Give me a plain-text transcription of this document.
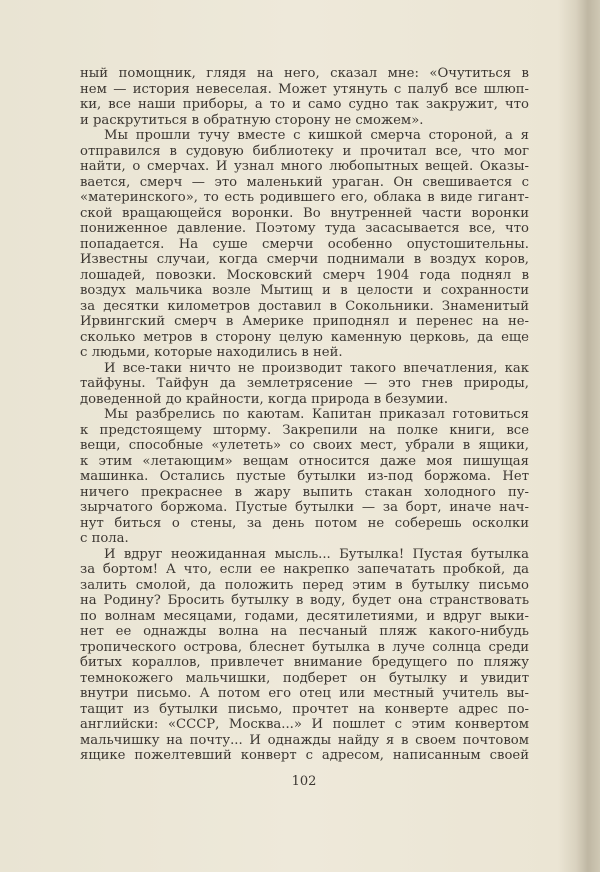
ный помощник, глядя на него, сказал мне: «Очутиться в
нем — история невеселая. Может утянуть с палуб все шлюп-
ки, все наши приборы, а то и само судно так закружит, что
и раскрутиться в обратную сторону не сможем».
Мы прошли тучу вместе с кишкой смерча стороной, а я
отправился в судовую библиотеку и прочитал все, что мог
найти, о смерчах. И узнал много любопытных вещей. Оказы-
вается, смерч — это маленький ураган. Он свешивается с
«материнского», то есть родившего его, облака в виде гигант-
ской вращающейся воронки. Во внутренней части воронки
пониженное давление. Поэтому туда засасывается все, что
попадается. На суше смерчи особенно опустошительны.
Известны случаи, когда смерчи поднимали в воздух коров,
лошадей, повозки. Московский смерч 1904 года поднял в
воздух мальчика возле Мытищ и в целости и сохранности
за десятки километров доставил в Сокольники. Знаменитый
Ирвингский смерч в Америке приподнял и перенес на не-
сколько метров в сторону целую каменную церковь, да еще
с людьми, которые находились в ней.
И все-таки ничто не производит такого впечатления, как
тайфуны. Тайфун да землетрясение — это гнев природы,
доведенной до крайности, когда природа в безумии.
Мы разбрелись по каютам. Капитан приказал готовиться
к предстоящему шторму. Закрепили на полке книги, все
вещи, способные «улететь» со своих мест, убрали в ящики,
к этим «летающим» вещам относится даже моя пишущая
машинка. Остались пустые бутылки из-под боржома. Нет
ничего прекраснее в жару выпить стакан холодного пу-
зырчатого боржома. Пустые бутылки — за борт, иначе нач-
нут биться о стены, за день потом не соберешь осколки
с пола.
И вдруг неожиданная мысль... Бутылка! Пустая бутылка
за бортом! А что, если ее накрепко запечатать пробкой, да
залить смолой, да положить перед этим в бутылку письмо
на Родину? Бросить бутылку в воду, будет она странствовать
по волнам месяцами, годами, десятилетиями, и вдруг выки-
нет ее однажды волна на песчаный пляж какого-нибудь
тропического острова, блеснет бутылка в луче солнца среди
битых кораллов, привлечет внимание бредущего по пляжу
темнокожего мальчишки, подберет он бутылку и увидит
внутри письмо. А потом его отец или местный учитель вы-
тащит из бутылки письмо, прочтет на конверте адрес по-
английски: «СССР, Москва...» И пошлет с этим конвертом
мальчишку на почту... И однажды найду я в своем почтовом
ящике пожелтевший конверт с адресом, написанным своей
102
